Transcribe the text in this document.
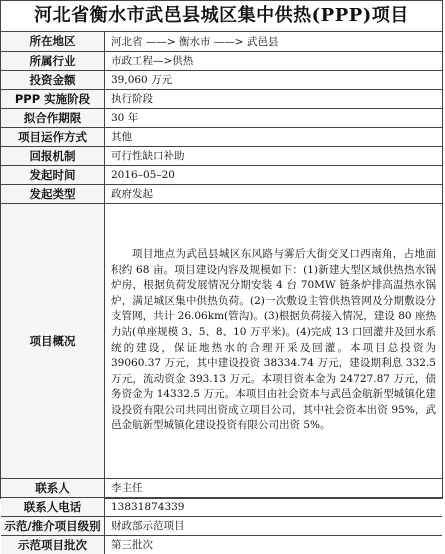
河北省衡水市武邑县城区集中供热(PPP)项目
所在地区	河北省 ——> 衡水市 ——> 武邑县
所属行业	市政工程—>供热
投资金额	39,060 万元
PPP 实施阶段	执行阶段
拟合作期限	30 年
项目运作方式	其他
回报机制	可行性缺口补助
发起时间	2016–05–20
发起类型	政府发起
项目概况	项目地点为武邑县城区东风路与雾后大街交叉口西南角，占地面积约 68 亩。项目建设内容及规模如下：(1)新建大型区域供热热水锅炉房，根据负荷发展情况分期安装 4 台 70MW 链条炉排高温热水锅炉，满足城区集中供热负荷。(2)一次敷设主管供热管网及分期敷设分支管网，共计 26.06km(管沟)。(3)根据负荷接入情况，建设 80 座热力站(单座规模 3、5、8、10 万平米)。(4)完成 13 口回灌井及回水系统的建设，保证地热水的合理开采及回灌。本项目总投资为 39060.37 万元，其中建设投资 38334.74 万元，建设期利息 332.5 万元，流动资金 393.13 万元。本项目资本金为 24727.87 万元，债务资金为 14332.5 万元。本项目由社会资本与武邑金航新型城镇化建设投资有限公司共同出资成立项目公司，其中社会资本出资 95%，武邑金航新型城镇化建设投资有限公司出资 5%。
联系人	李主任
联系人电话	13831874339
示范/推介项目级别	财政部示范项目
示范项目批次	第三批次
